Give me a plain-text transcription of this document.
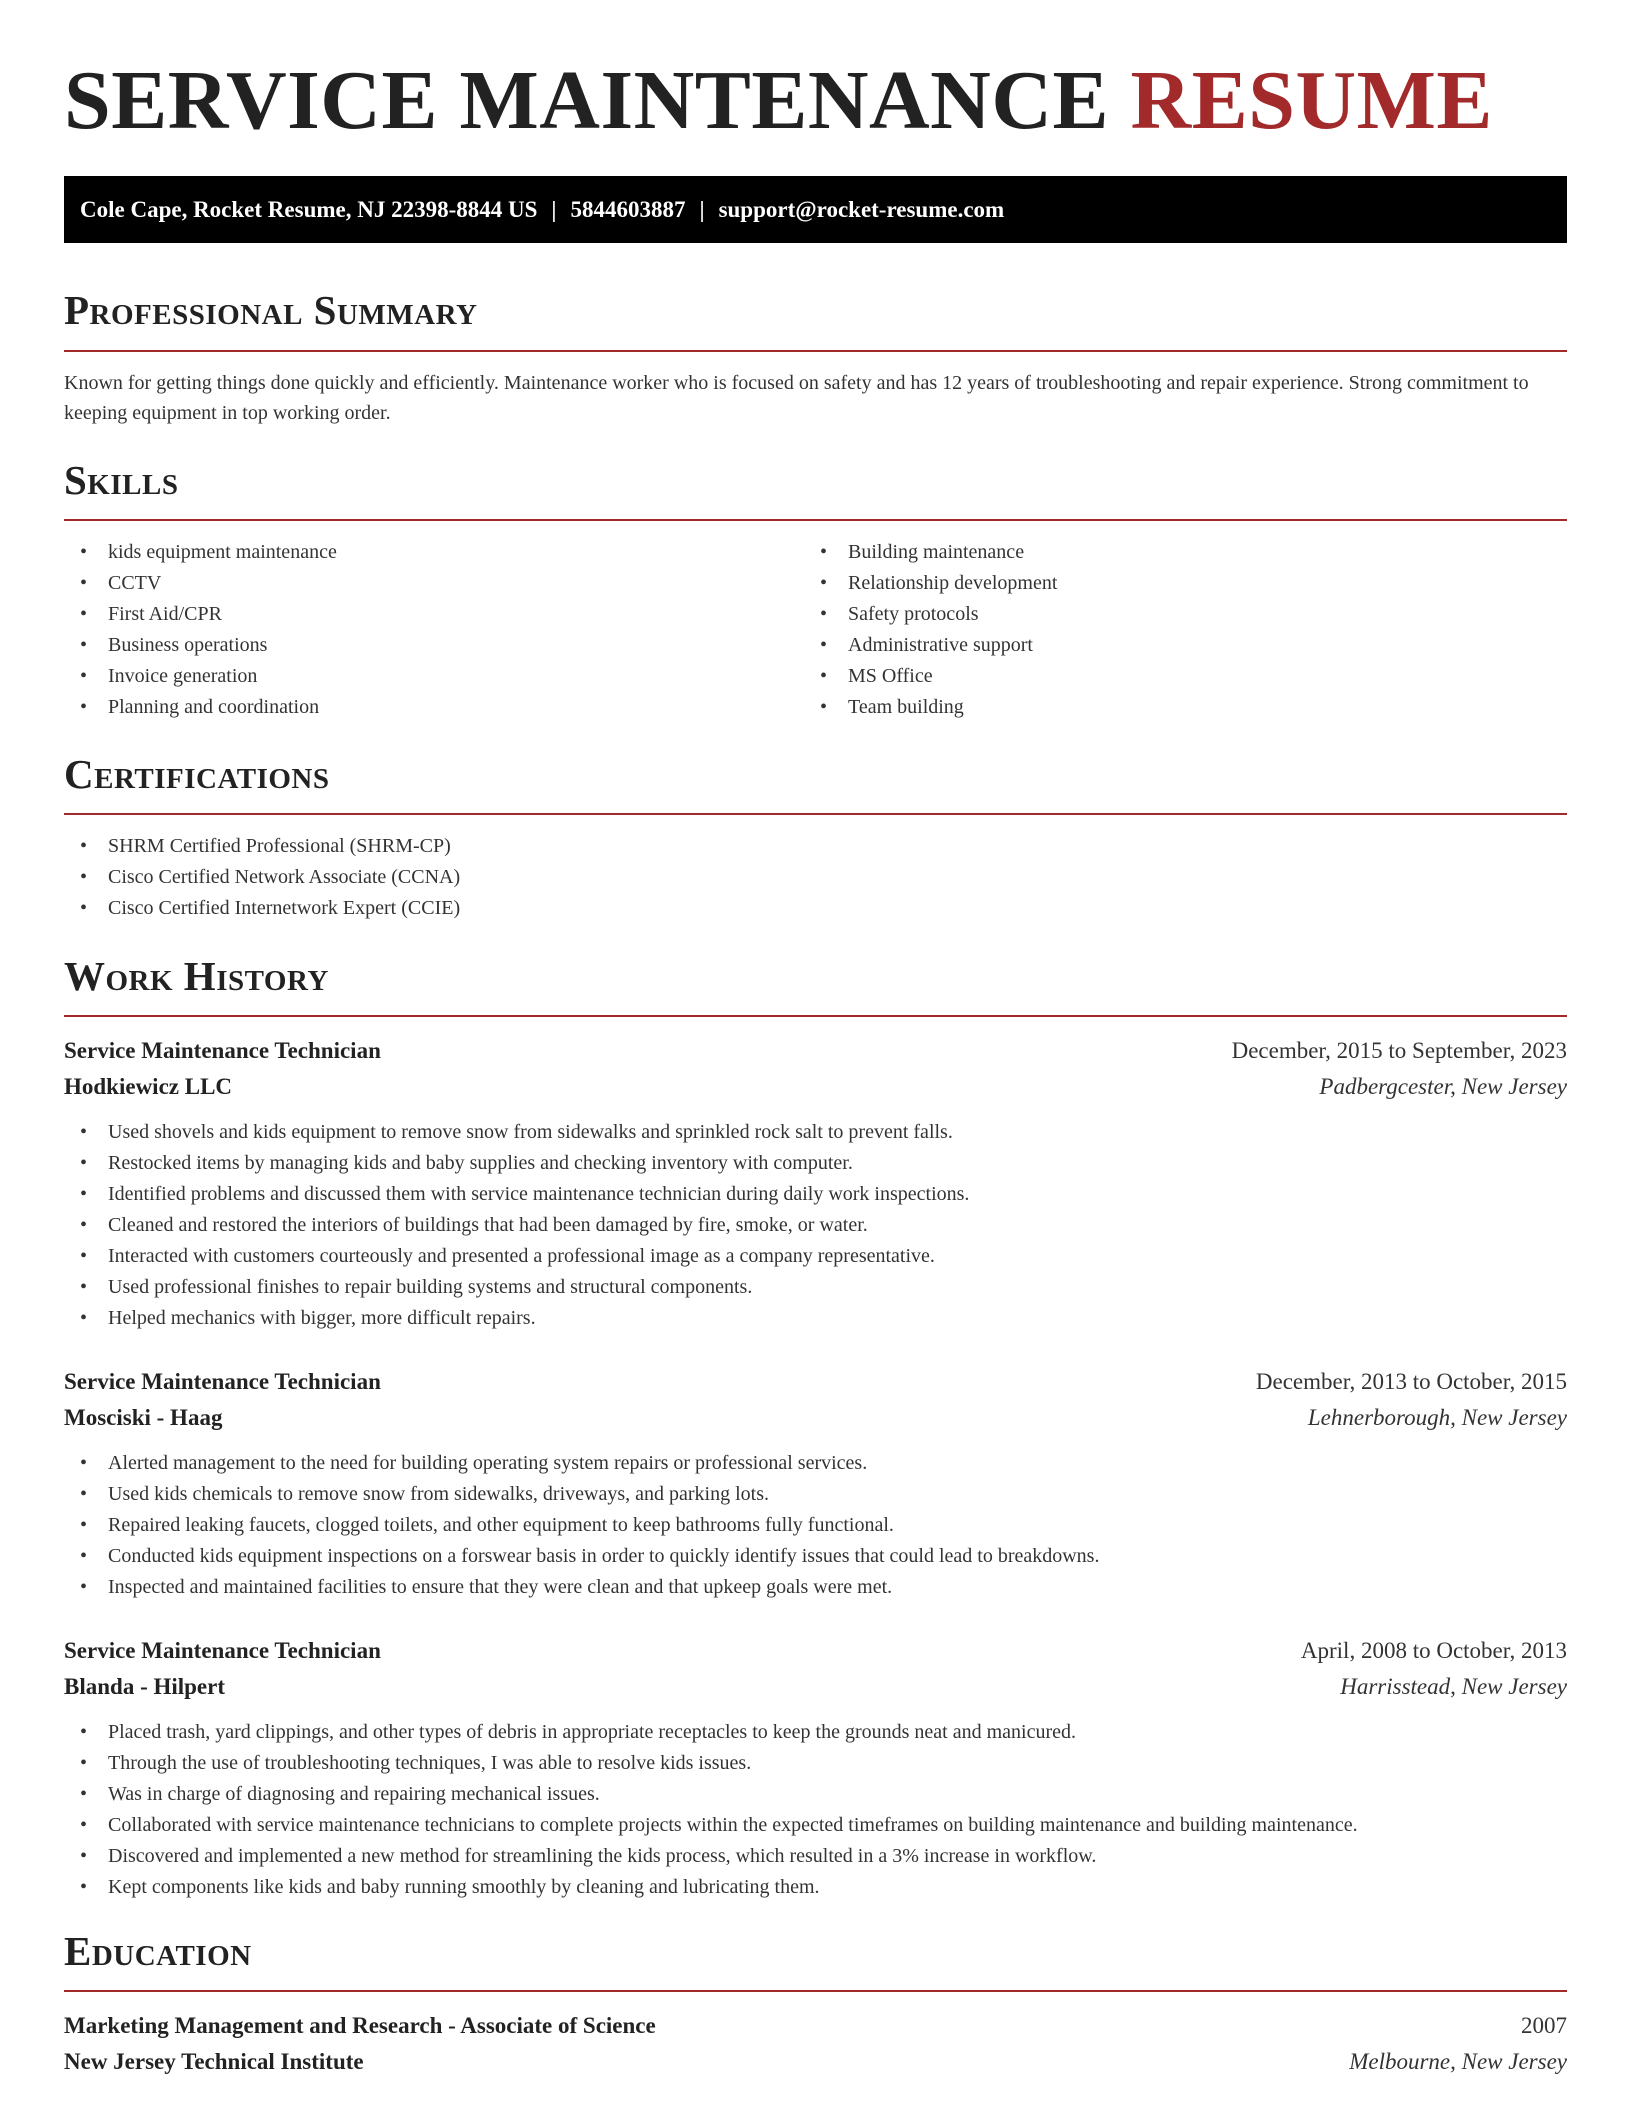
SERVICE MAINTENANCE RESUME
Cole Cape, Rocket Resume, NJ 22398-8844 US | 5844603887 | support@rocket-resume.com
Professional Summary

Known for getting things done quickly and efficiently. Maintenance worker who is focused on safety and has 12 years of troubleshooting and repair experience. Strong commitment to keeping equipment in top working order.

Skills
• kids equipment maintenance
• CCTV
• First Aid/CPR
• Business operations
• Invoice generation
• Planning and coordination
• Building maintenance
• Relationship development
• Safety protocols
• Administrative support
• MS Office
• Team building
Certifications
• SHRM Certified Professional (SHRM-CP)
• Cisco Certified Network Associate (CCNA)
• Cisco Certified Internetwork Expert (CCIE)
Work History
Service Maintenance Technician	December, 2015 to September, 2023
Hodkiewicz LLC	Padbergcester, New Jersey
• Used shovels and kids equipment to remove snow from sidewalks and sprinkled rock salt to prevent falls.
• Restocked items by managing kids and baby supplies and checking inventory with computer.
• Identified problems and discussed them with service maintenance technician during daily work inspections.
• Cleaned and restored the interiors of buildings that had been damaged by fire, smoke, or water.
• Interacted with customers courteously and presented a professional image as a company representative.
• Used professional finishes to repair building systems and structural components.
• Helped mechanics with bigger, more difficult repairs.
Service Maintenance Technician	December, 2013 to October, 2015
Mosciski - Haag	Lehnerborough, New Jersey
• Alerted management to the need for building operating system repairs or professional services.
• Used kids chemicals to remove snow from sidewalks, driveways, and parking lots.
• Repaired leaking faucets, clogged toilets, and other equipment to keep bathrooms fully functional.
• Conducted kids equipment inspections on a forswear basis in order to quickly identify issues that could lead to breakdowns.
• Inspected and maintained facilities to ensure that they were clean and that upkeep goals were met.
Service Maintenance Technician	April, 2008 to October, 2013
Blanda - Hilpert	Harrisstead, New Jersey
• Placed trash, yard clippings, and other types of debris in appropriate receptacles to keep the grounds neat and manicured.
• Through the use of troubleshooting techniques, I was able to resolve kids issues.
• Was in charge of diagnosing and repairing mechanical issues.
• Collaborated with service maintenance technicians to complete projects within the expected timeframes on building maintenance and building maintenance.
• Discovered and implemented a new method for streamlining the kids process, which resulted in a 3% increase in workflow.
• Kept components like kids and baby running smoothly by cleaning and lubricating them.
Education
Marketing Management and Research - Associate of Science	2007
New Jersey Technical Institute	Melbourne, New Jersey
